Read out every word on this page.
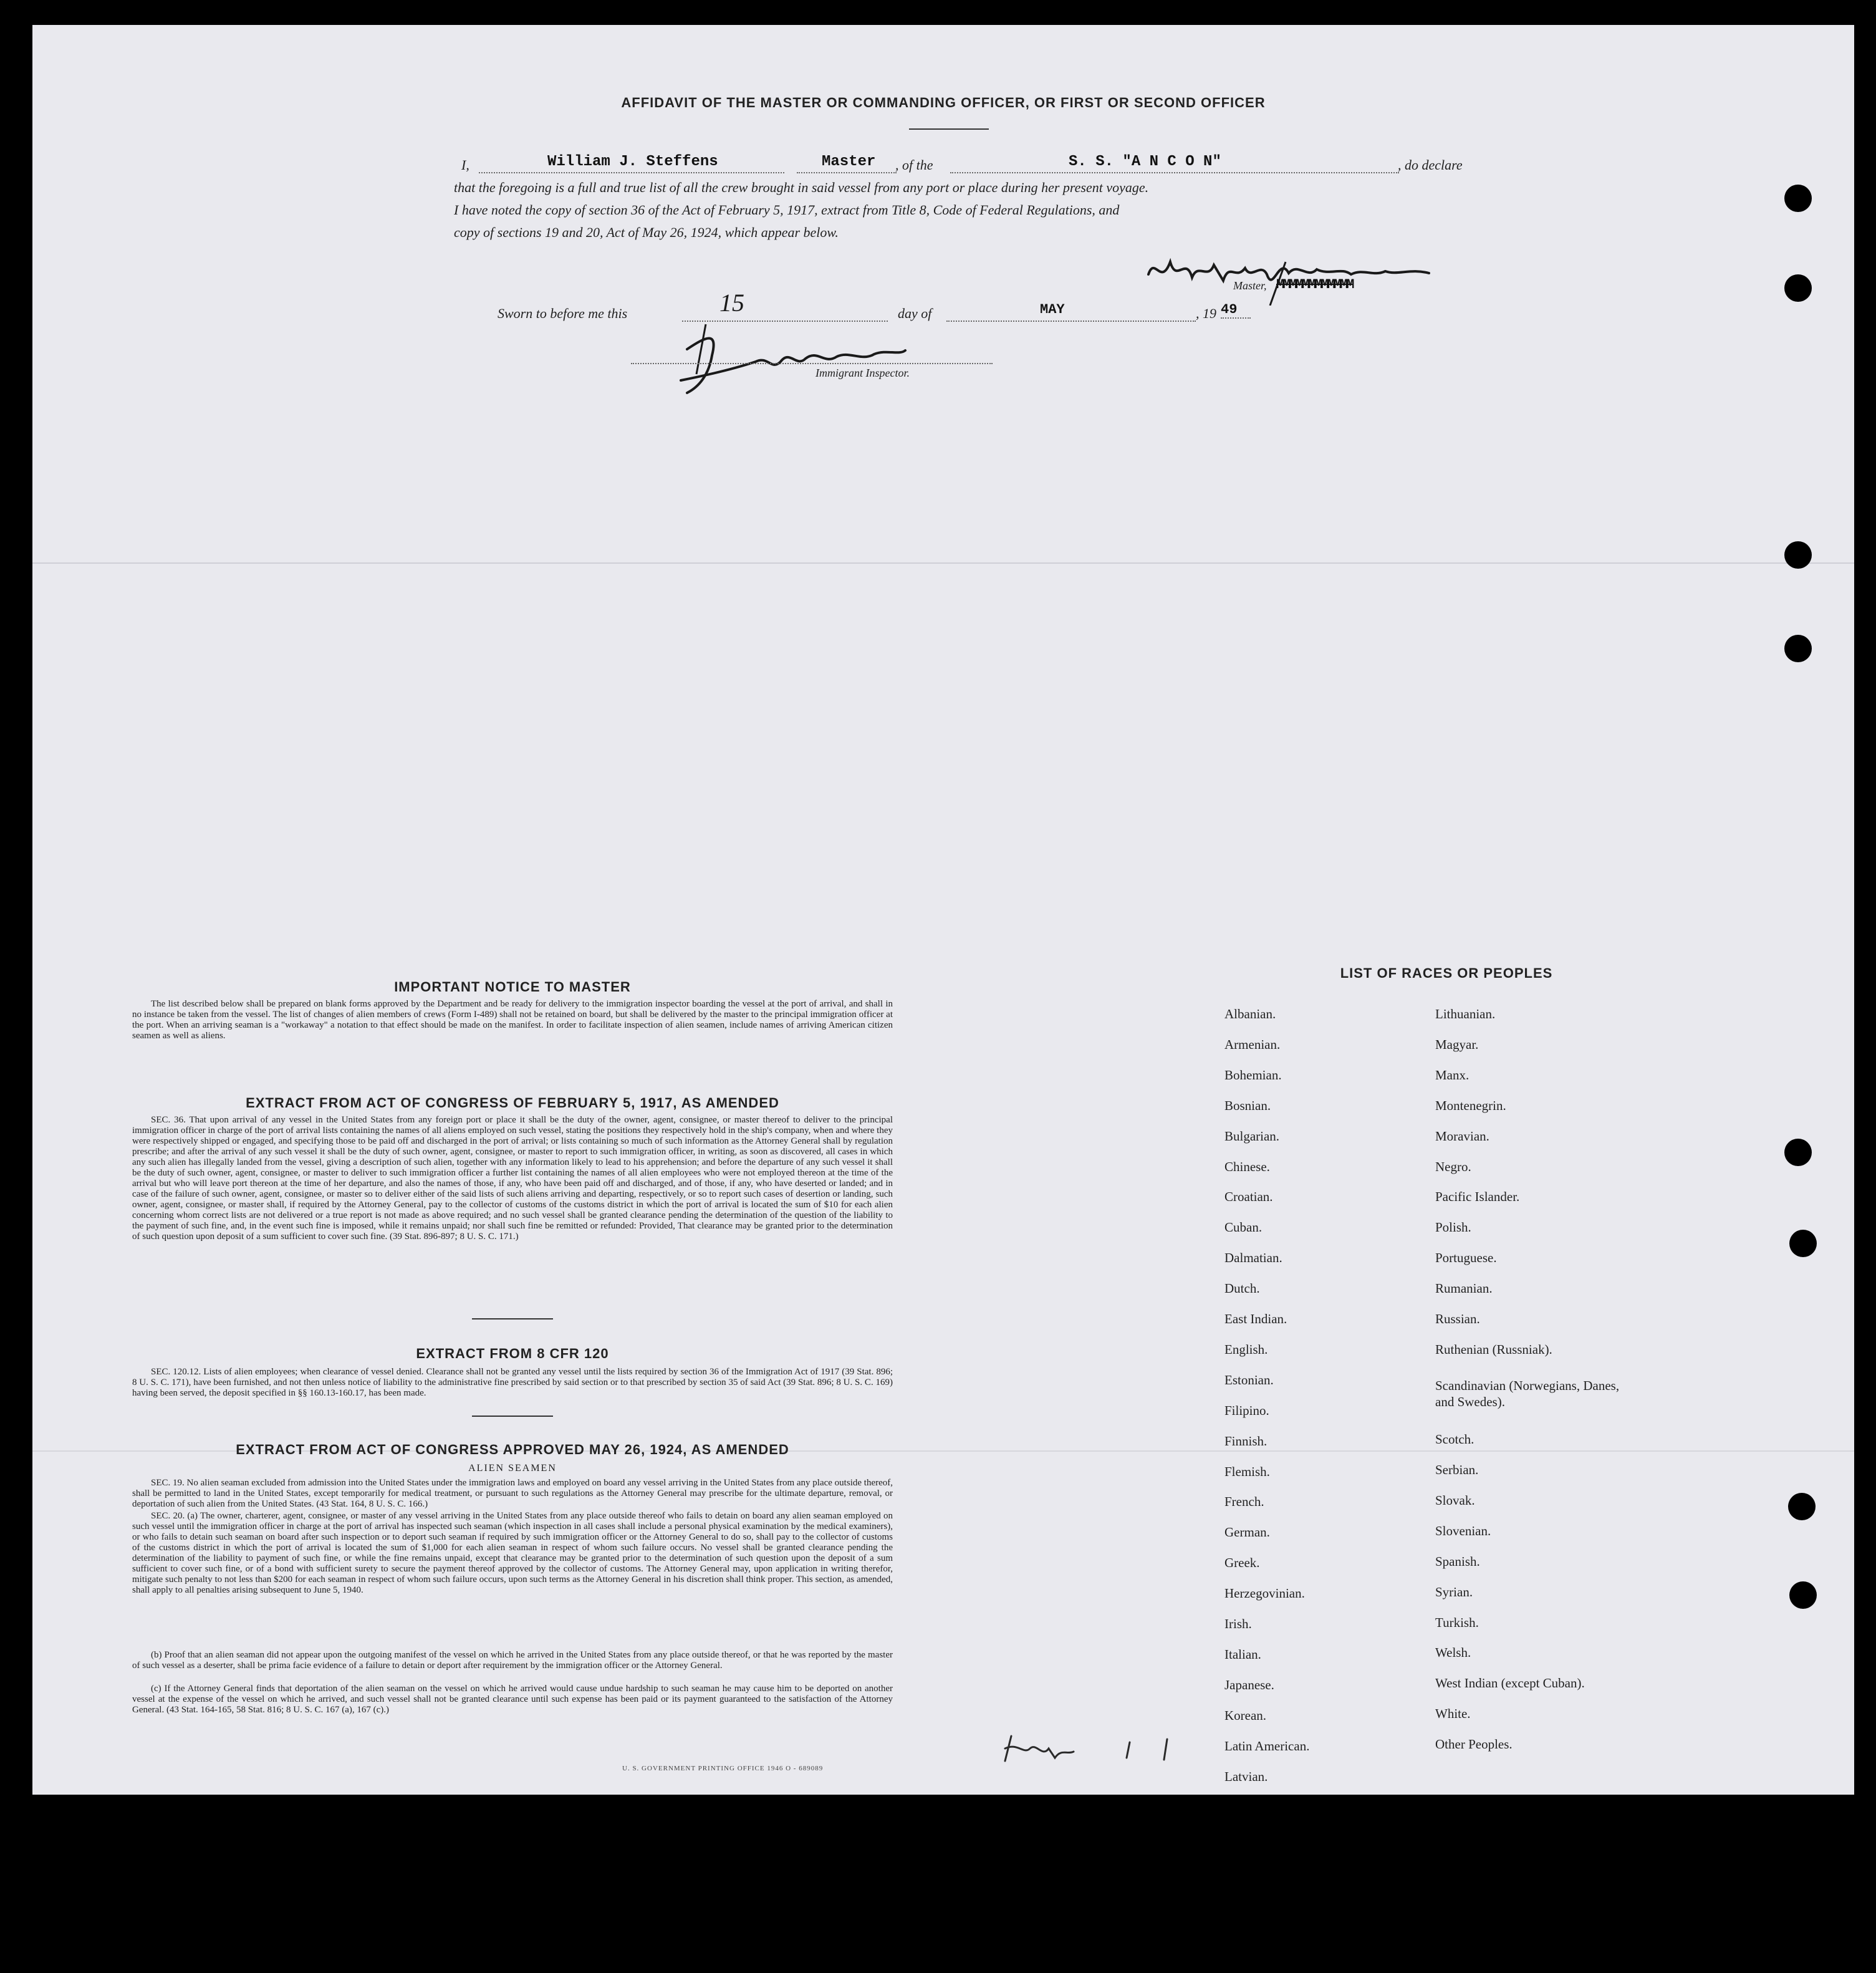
AFFIDAVIT OF THE MASTER OR COMMANDING OFFICER, OR FIRST OR SECOND OFFICER
I,	William J. Steffens	Master , of the	S. S. "A N C O N"	, do declare
that the foregoing is a full and true list of all the crew brought in said vessel from any port or place during her present voyage.
I have noted the copy of section 36 of the Act of February 5, 1917, extract from Title 8, Code of Federal Regulations, and
copy of sections 19 and 20, Act of May 26, 1924, which appear below.
Master, MMMMMMMMMMMM
Sworn to before me this	15	day of	MAY	, 19 49
Immigrant Inspector.
IMPORTANT NOTICE TO MASTER
The list described below shall be prepared on blank forms approved by the Department and be ready for delivery to the immigration inspector boarding the vessel at the port of arrival, and shall in no instance be taken from the vessel. The list of changes of alien members of crews (Form I-489) shall not be retained on board, but shall be delivered by the master to the principal immigration officer at the port. When an arriving seaman is a "workaway" a notation to that effect should be made on the manifest. In order to facilitate inspection of alien seamen, include names of arriving American citizen seamen as well as aliens.
EXTRACT FROM ACT OF CONGRESS OF FEBRUARY 5, 1917, AS AMENDED
SEC. 36. That upon arrival of any vessel in the United States from any foreign port or place it shall be the duty of the owner, agent, consignee, or master thereof to deliver to the principal immigration officer in charge of the port of arrival lists containing the names of all aliens employed on such vessel, stating the positions they respectively hold in the ship's company, when and where they were respectively shipped or engaged, and specifying those to be paid off and discharged in the port of arrival; or lists containing so much of such information as the Attorney General shall by regulation prescribe; and after the arrival of any such vessel it shall be the duty of such owner, agent, consignee, or master to report to such immigration officer, in writing, as soon as discovered, all cases in which any such alien has illegally landed from the vessel, giving a description of such alien, together with any information likely to lead to his apprehension; and before the departure of any such vessel it shall be the duty of such owner, agent, consignee, or master to deliver to such immigration officer a further list containing the names of all alien employees who were not employed thereon at the time of the arrival but who will leave port thereon at the time of her departure, and also the names of those, if any, who have been paid off and discharged, and of those, if any, who have deserted or landed; and in case of the failure of such owner, agent, consignee, or master so to deliver either of the said lists of such aliens arriving and departing, respectively, or so to report such cases of desertion or landing, such owner, agent, consignee, or master shall, if required by the Attorney General, pay to the collector of customs of the customs district in which the port of arrival is located the sum of $10 for each alien concerning whom correct lists are not delivered or a true report is not made as above required; and no such vessel shall be granted clearance pending the determination of the question of the liability to the payment of such fine, and, in the event such fine is imposed, while it remains unpaid; nor shall such fine be remitted or refunded: Provided, That clearance may be granted prior to the determination of such question upon deposit of a sum sufficient to cover such fine. (39 Stat. 896-897; 8 U. S. C. 171.)
EXTRACT FROM 8 CFR 120
SEC. 120.12. Lists of alien employees; when clearance of vessel denied. Clearance shall not be granted any vessel until the lists required by section 36 of the Immigration Act of 1917 (39 Stat. 896; 8 U. S. C. 171), have been furnished, and not then unless notice of liability to the administrative fine prescribed by said section or to that prescribed by section 35 of said Act (39 Stat. 896; 8 U. S. C. 169) having been served, the deposit specified in §§ 160.13-160.17, has been made.
EXTRACT FROM ACT OF CONGRESS APPROVED MAY 26, 1924, AS AMENDED
ALIEN SEAMEN
SEC. 19. No alien seaman excluded from admission into the United States under the immigration laws and employed on board any vessel arriving in the United States from any place outside thereof, shall be permitted to land in the United States, except temporarily for medical treatment, or pursuant to such regulations as the Attorney General may prescribe for the ultimate departure, removal, or deportation of such alien from the United States. (43 Stat. 164, 8 U. S. C. 166.)
SEC. 20. (a) The owner, charterer, agent, consignee, or master of any vessel arriving in the United States from any place outside thereof who fails to detain on board any alien seaman employed on such vessel until the immigration officer in charge at the port of arrival has inspected such seaman (which inspection in all cases shall include a personal physical examination by the medical examiners), or who fails to detain such seaman on board after such inspection or to deport such seaman if required by such immigration officer or the Attorney General to do so, shall pay to the collector of customs of the customs district in which the port of arrival is located the sum of $1,000 for each alien seaman in respect of whom such failure occurs. No vessel shall be granted clearance pending the determination of the liability to payment of such fine, or while the fine remains unpaid, except that clearance may be granted prior to the determination of such question upon the deposit of a sum sufficient to cover such fine, or of a bond with sufficient surety to secure the payment thereof approved by the collector of customs. The Attorney General may, upon application in writing therefor, mitigate such penalty to not less than $200 for each seaman in respect of whom such failure occurs, upon such terms as the Attorney General in his discretion shall think proper. This section, as amended, shall apply to all penalties arising subsequent to June 5, 1940.
(b) Proof that an alien seaman did not appear upon the outgoing manifest of the vessel on which he arrived in the United States from any place outside thereof, or that he was reported by the master of such vessel as a deserter, shall be prima facie evidence of a failure to detain or deport after requirement by the immigration officer or the Attorney General.
(c) If the Attorney General finds that deportation of the alien seaman on the vessel on which he arrived would cause undue hardship to such seaman he may cause him to be deported on another vessel at the expense of the vessel on which he arrived, and such vessel shall not be granted clearance until such expense has been paid or its payment guaranteed to the satisfaction of the Attorney General. (43 Stat. 164-165, 58 Stat. 816; 8 U. S. C. 167 (a), 167 (c).)
U. S. GOVERNMENT PRINTING OFFICE 1946 O - 689089
LIST OF RACES OR PEOPLES
Albanian.
Armenian.
Bohemian.
Bosnian.
Bulgarian.
Chinese.
Croatian.
Cuban.
Dalmatian.
Dutch.
East Indian.
English.
Estonian.
Filipino.
Finnish.
Flemish.
French.
German.
Greek.
Herzegovinian.
Irish.
Italian.
Japanese.
Korean.
Latin American.
Latvian.
Lithuanian.
Magyar.
Manx.
Montenegrin.
Moravian.
Negro.
Pacific Islander.
Polish.
Portuguese.
Rumanian.
Russian.
Ruthenian (Russniak).
Scandinavian (Norwegians, Danes, and Swedes).
Scotch.
Serbian.
Slovak.
Slovenian.
Spanish.
Syrian.
Turkish.
Welsh.
West Indian (except Cuban).
White.
Other Peoples.
